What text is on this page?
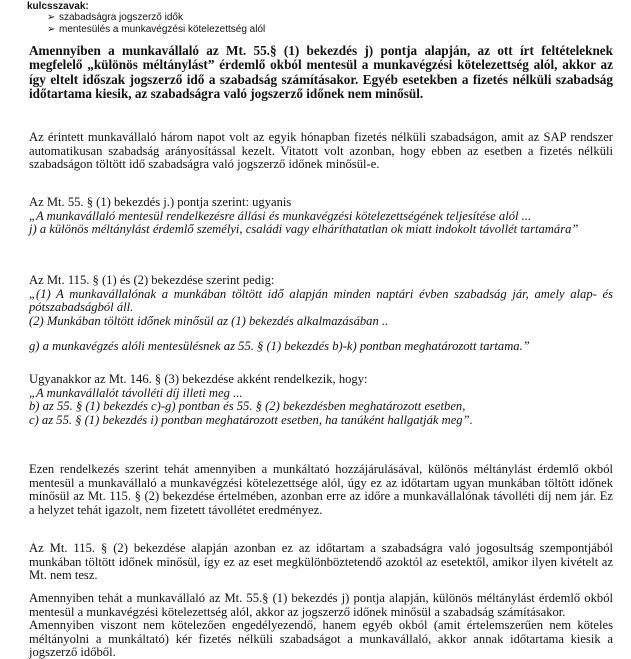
kulcsszavak:
➢ szabadságra jogszerző idők
➢ mentesülés a munkavégzési kötelezettség alól
Amennyiben a munkavállaló az Mt. 55.§ (1) bekezdés j) pontja alapján, az ott írt feltételeknek megfelelő „különös méltánylást” érdemlő okból mentesül a munkavégzési kötelezettség alól, akkor az így eltelt időszak jogszerző idő a szabadság számításakor. Egyéb esetekben a fizetés nélküli szabadság időtartama kiesik, az szabadságra való jogszerző időnek nem minősül.
Az érintett munkavállaló három napot volt az egyik hónapban fizetés nélküli szabadságon, amit az SAP rendszer automatikusan szabadság arányosítással kezelt. Vitatott volt azonban, hogy ebben az esetben a fizetés nélküli szabadságon töltött idő szabadságra való jogszerző időnek minősül-e.
Az Mt. 55. § (1) bekezdés j.) pontja szerint: ugyanis
„A munkavállaló mentesül rendelkezésre állási és munkavégzési kötelezettségének teljesítése alól ...
j) a különös méltánylást érdemlő személyi, családi vagy elháríthatatlan ok miatt indokolt távollét tartamára”
Az Mt. 115. § (1) és (2) bekezdése szerint pedig:
„(1) A munkavállalónak a munkában töltött idő alapján minden naptári évben szabadság jár, amely alap- és pótszabadságból áll.
(2) Munkában töltött időnek minősül az (1) bekezdés alkalmazásában ..
g) a munkavégzés alóli mentesülésnek az 55. § (1) bekezdés b)-k) pontban meghatározott tartama.”
Ugyanakkor az Mt. 146. § (3) bekezdése akként rendelkezik, hogy:
„A munkavállalót távolléti díj illeti meg ...
b) az 55. § (1) bekezdés c)-g) pontban és 55. § (2) bekezdésben meghatározott esetben,
c) az 55. § (1) bekezdés i) pontban meghatározott esetben, ha tanúként hallgatják meg”.
Ezen rendelkezés szerint tehát amennyiben a munkáltató hozzájárulásával, különös méltánylást érdemlő okból mentesül a munkavállaló a munkavégzési kötelezettsége alól, úgy ez az időtartam ugyan munkában töltött időnek minősül az Mt. 115. § (2) bekezdése értelmében, azonban erre az időre a munkavállalónak távolléti díj nem jár. Ez a helyzet tehát igazolt, nem fizetett távollétet eredményez.
Az Mt. 115. § (2) bekezdése alapján azonban ez az időtartam a szabadságra való jogosultság szempontjából munkában töltött időnek minősül, így ez az eset megkülönböztetendő azoktól az esetektől, amikor ilyen kivételt az Mt. nem tesz.
Amennyiben tehát a munkavállaló az Mt. 55.§ (1) bekezdés j) pontja alapján, különös méltánylást érdemlő okból mentesül a munkavégzési kötelezettség alól, akkor az jogszerző időnek minősül a szabadság számításakor.
Amennyiben viszont nem kötelezően engedélyezendő, hanem egyéb okból (amit értelemszerűen nem köteles méltányolni a munkáltató) kér fizetés nélküli szabadságot a munkavállaló, akkor annak időtartama kiesik a jogszerző időből.
